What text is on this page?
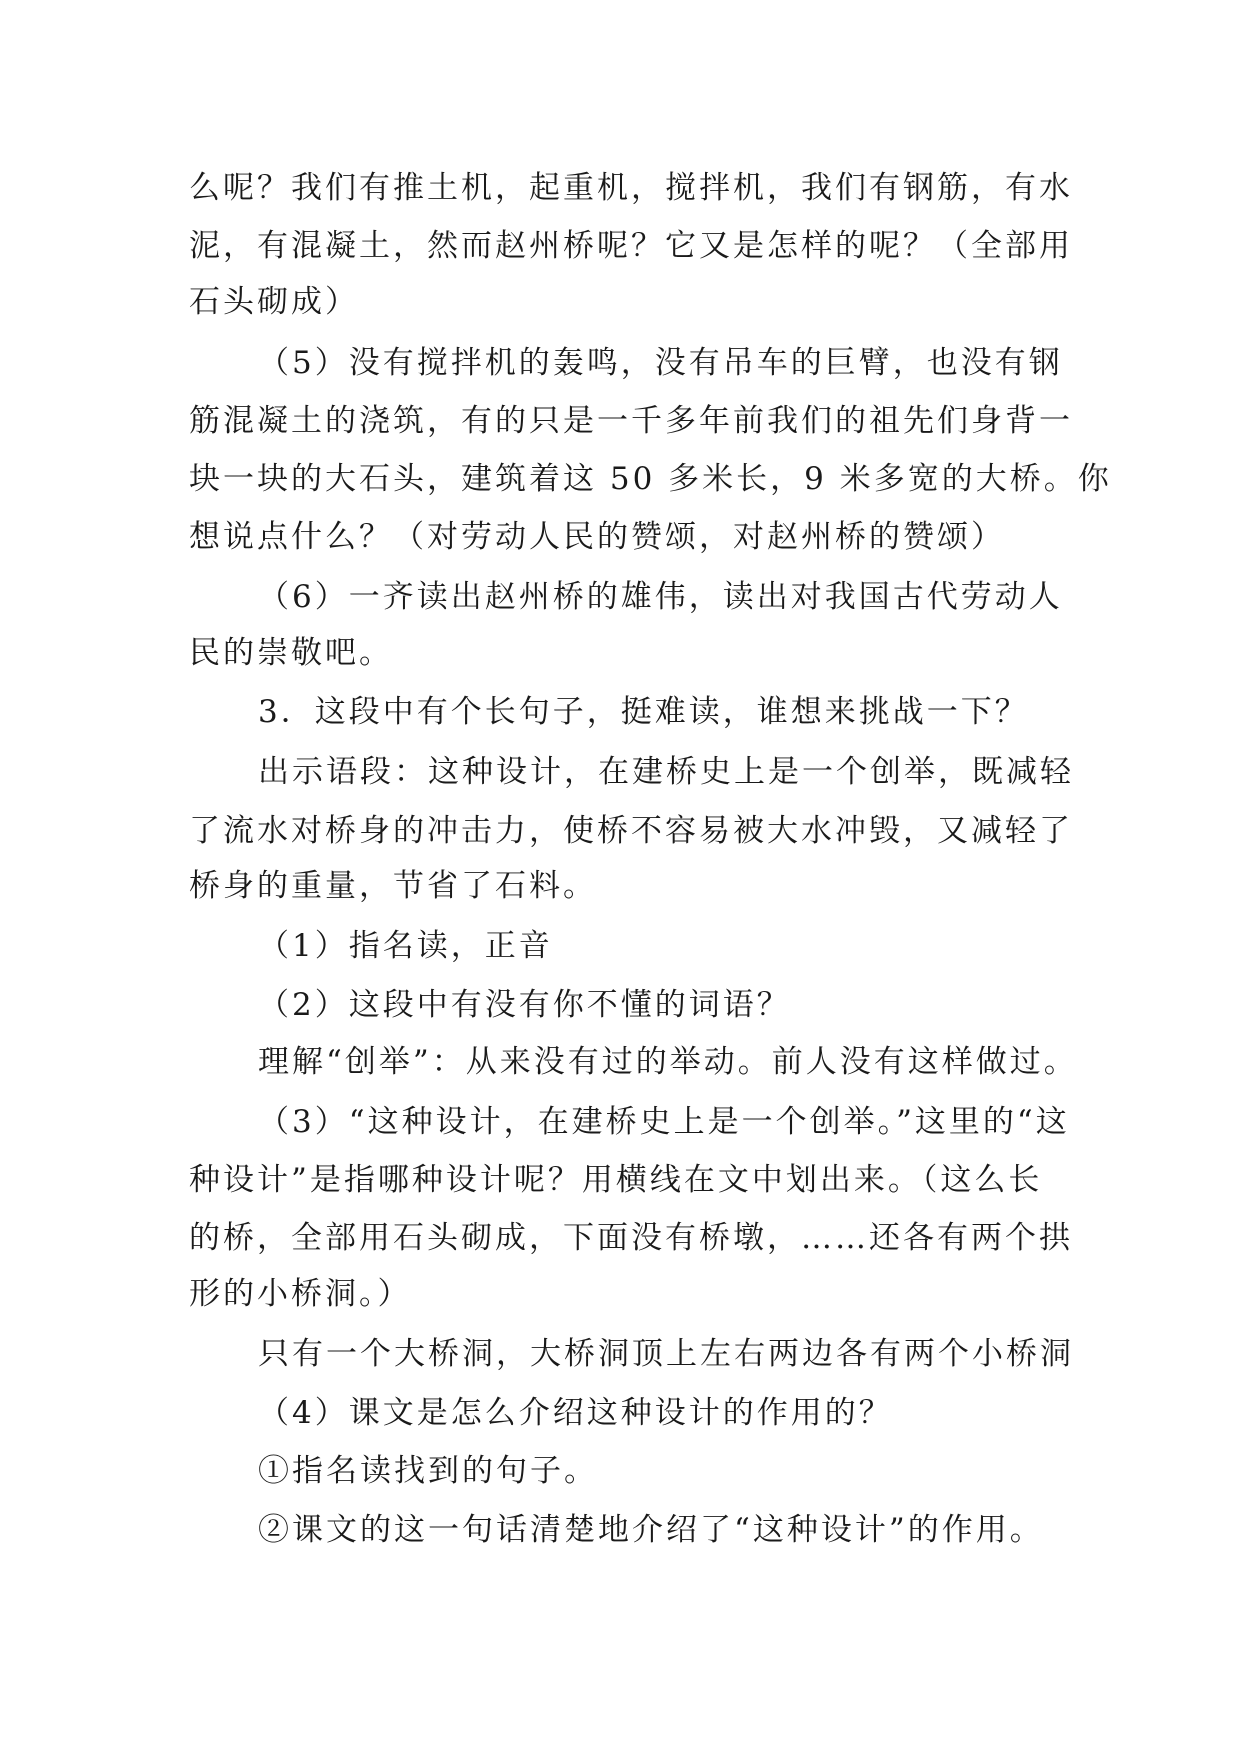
么呢？我们有推土机，起重机，搅拌机，我们有钢筋，有水
泥，有混凝土，然而赵州桥呢？它又是怎样的呢？（全部用
石头砌成）
（5）没有搅拌机的轰鸣，没有吊车的巨臂，也没有钢
筋混凝土的浇筑，有的只是一千多年前我们的祖先们身背一
块一块的大石头，建筑着这 50 多米长，9 米多宽的大桥。你
想说点什么？（对劳动人民的赞颂，对赵州桥的赞颂）
（6）一齐读出赵州桥的雄伟，读出对我国古代劳动人
民的崇敬吧。
3．这段中有个长句子，挺难读，谁想来挑战一下？
出示语段：这种设计，在建桥史上是一个创举，既减轻
了流水对桥身的冲击力，使桥不容易被大水冲毁，又减轻了
桥身的重量，节省了石料。
（1）指名读，正音
（2）这段中有没有你不懂的词语？
理解“创举”：从来没有过的举动。前人没有这样做过。
（3）“这种设计，在建桥史上是一个创举。”这里的“这
种设计”是指哪种设计呢？用横线在文中划出来。（这么长
的桥，全部用石头砌成，下面没有桥墩，……还各有两个拱
形的小桥洞。）
只有一个大桥洞，大桥洞顶上左右两边各有两个小桥洞
（4）课文是怎么介绍这种设计的作用的？
①指名读找到的句子。
②课文的这一句话清楚地介绍了“这种设计”的作用。
